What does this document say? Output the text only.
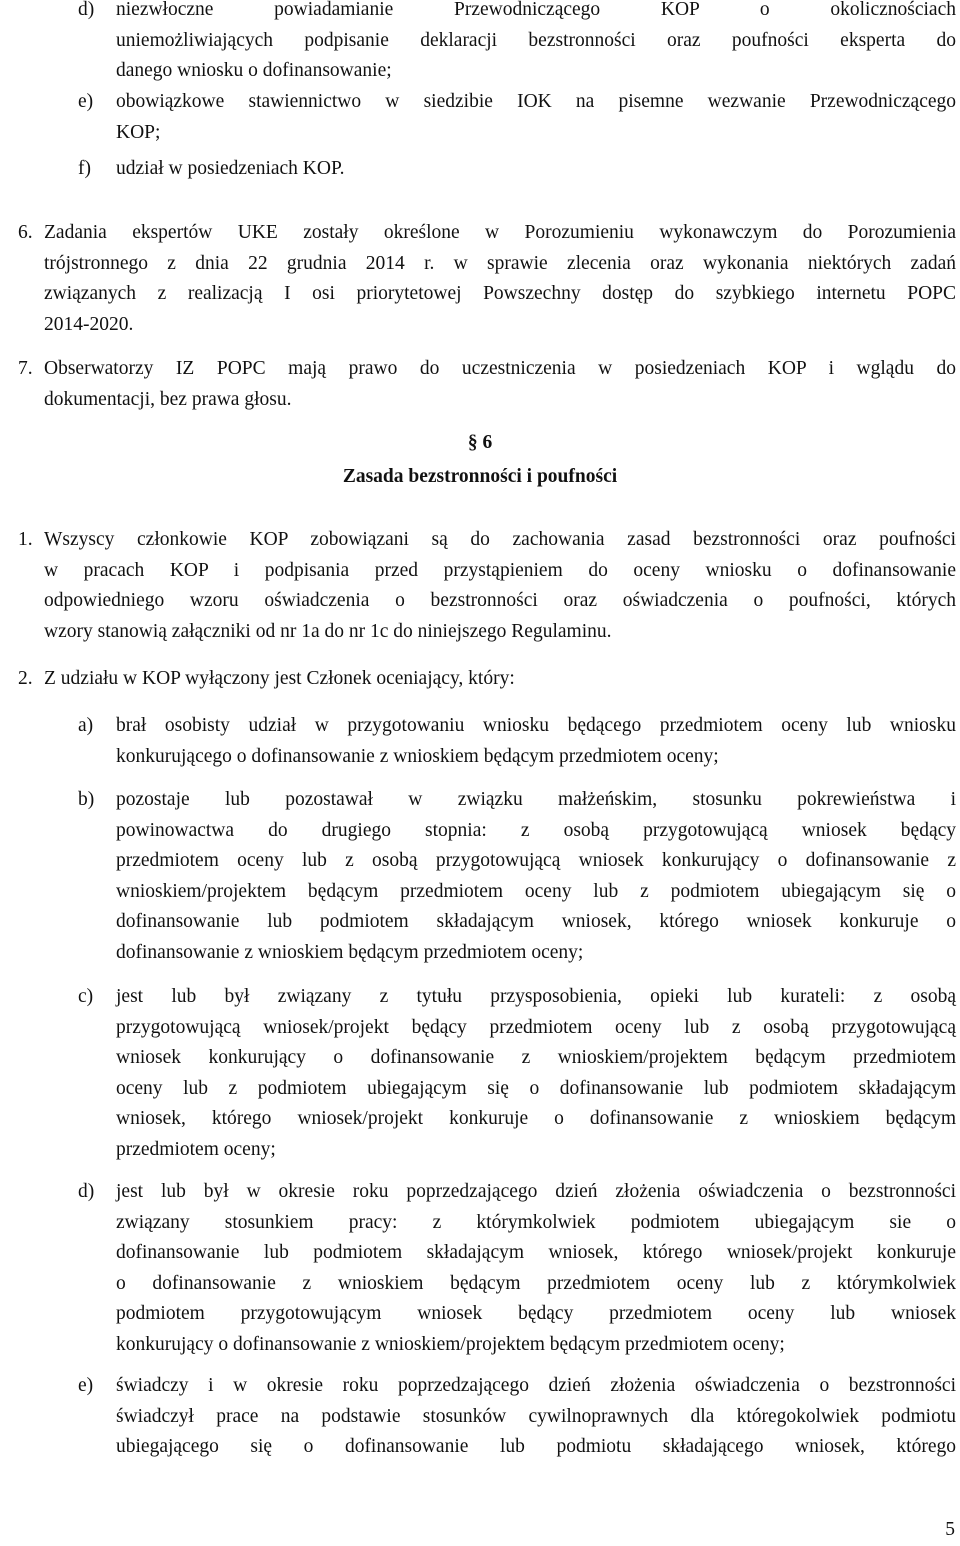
d)	niezwłoczne powiadamianie Przewodniczącego KOP o okolicznościach
uniemożliwiających podpisanie deklaracji bezstronności oraz poufności eksperta do
danego wniosku o dofinansowanie;
e)	obowiązkowe stawiennictwo w siedzibie IOK na pisemne wezwanie Przewodniczącego
KOP;
f)	udział w posiedzeniach KOP.
6. Zadania ekspertów UKE zostały określone w Porozumieniu wykonawczym do Porozumienia
trójstronnego z dnia 22 grudnia 2014 r. w sprawie zlecenia oraz wykonania niektórych zadań
związanych z realizacją I osi priorytetowej Powszechny dostęp do szybkiego internetu POPC
2014-2020.
7. Obserwatorzy IZ POPC mają prawo do uczestniczenia w posiedzeniach KOP i wglądu do
dokumentacji, bez prawa głosu.
§ 6
Zasada bezstronności i poufności
1. Wszyscy członkowie KOP zobowiązani są do zachowania zasad bezstronności oraz poufności
w pracach KOP i podpisania przed przystąpieniem do oceny wniosku o dofinansowanie
odpowiedniego wzoru oświadczenia o bezstronności oraz oświadczenia o poufności, których
wzory stanowią załączniki od nr 1a do nr 1c do niniejszego Regulaminu.
2. Z udziału w KOP wyłączony jest Członek oceniający, który:
a)	brał osobisty udział w przygotowaniu wniosku będącego przedmiotem oceny lub wniosku
konkurującego o dofinansowanie z wnioskiem będącym przedmiotem oceny;
b)	pozostaje lub pozostawał w związku małżeńskim, stosunku pokrewieństwa i
powinowactwa do drugiego stopnia: z osobą przygotowującą wniosek będący
przedmiotem oceny lub z osobą przygotowującą wniosek konkurujący o dofinansowanie z
wnioskiem/projektem będącym przedmiotem oceny lub z podmiotem ubiegającym się o
dofinansowanie lub podmiotem składającym wniosek, którego wniosek konkuruje o
dofinansowanie z wnioskiem będącym przedmiotem oceny;
c)	jest lub był związany z tytułu przysposobienia, opieki lub kurateli: z osobą
przygotowującą wniosek/projekt będący przedmiotem oceny lub z osobą przygotowującą
wniosek konkurujący o dofinansowanie z wnioskiem/projektem będącym przedmiotem
oceny lub z podmiotem ubiegającym się o dofinansowanie lub podmiotem składającym
wniosek, którego wniosek/projekt konkuruje o dofinansowanie z wnioskiem będącym
przedmiotem oceny;
d)	jest lub był w okresie roku poprzedzającego dzień złożenia oświadczenia o bezstronności
związany stosunkiem pracy: z którymkolwiek podmiotem ubiegającym sie o
dofinansowanie lub podmiotem składającym wniosek, którego wniosek/projekt konkuruje
o dofinansowanie z wnioskiem będącym przedmiotem oceny lub z którymkolwiek
podmiotem przygotowującym wniosek będący przedmiotem oceny lub wniosek
konkurujący o dofinansowanie z wnioskiem/projektem będącym przedmiotem oceny;
e)	świadczy i w okresie roku poprzedzającego dzień złożenia oświadczenia o bezstronności
świadczył prace na podstawie stosunków cywilnoprawnych dla któregokolwiek podmiotu
ubiegającego się o dofinansowanie lub podmiotu składającego wniosek, którego
5
